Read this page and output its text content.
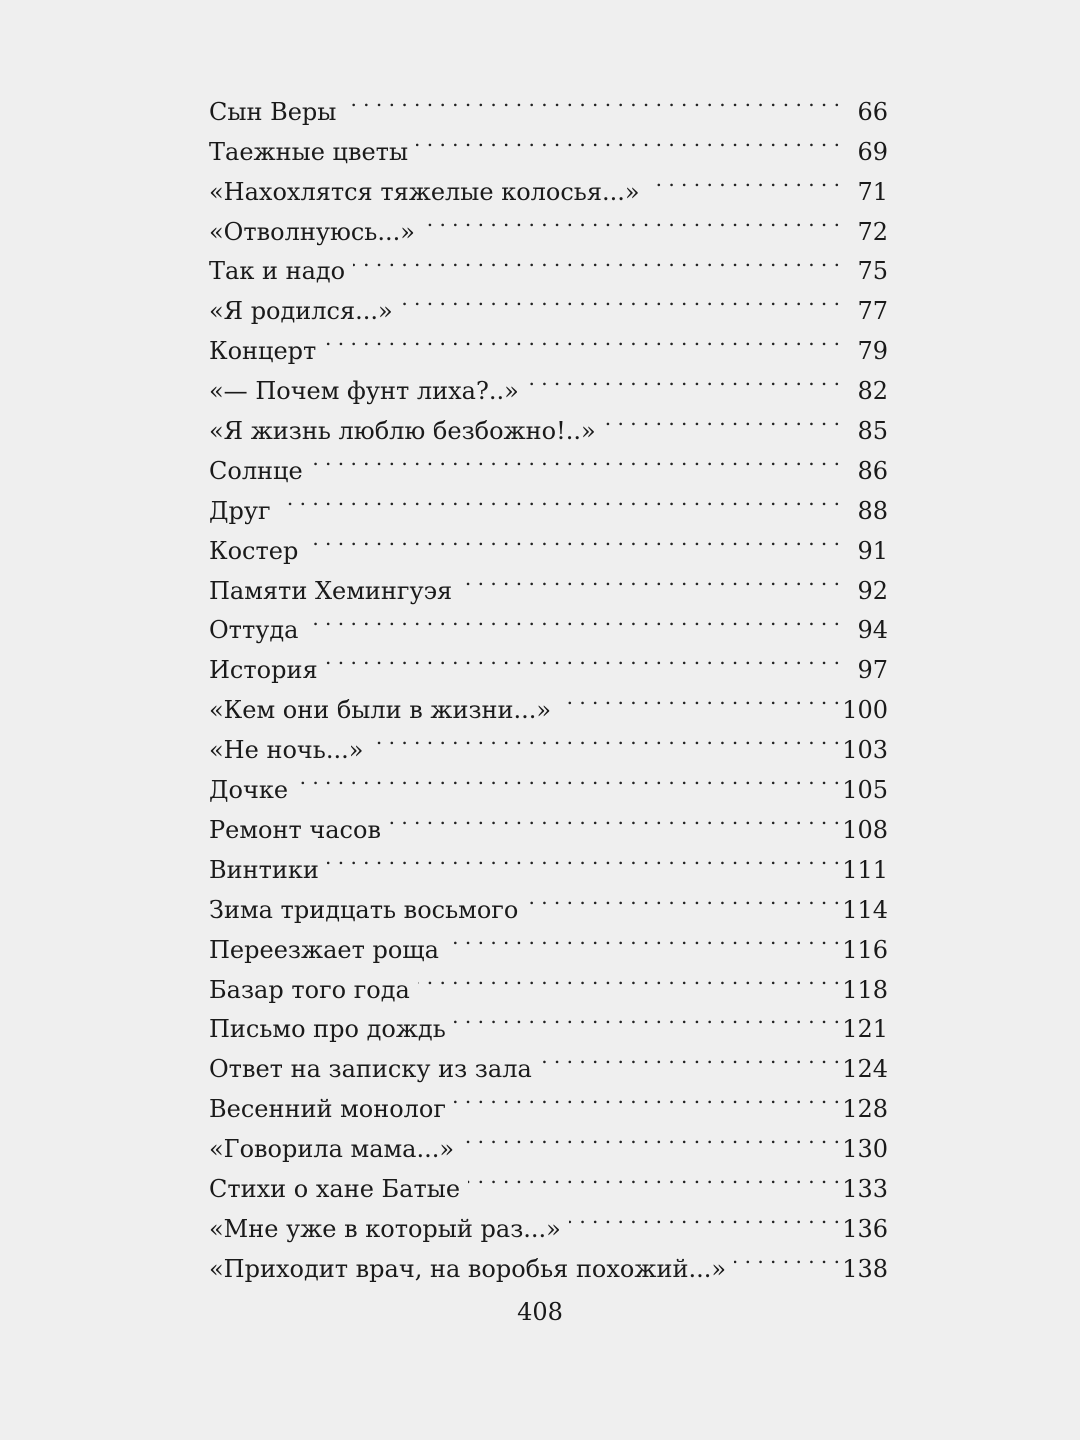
Сын Веры . . .	66
Таежные цветы . . .	69
«Нахохлятся тяжелые колосья...» . . .	71
«Отволнуюсь...» . . .	72
Так и надо . . .	75
«Я родился...» . . .	77
Концерт . . .	79
«— Почем фунт лиха?..» . . .	82
«Я жизнь люблю безбожно!..» . . .	85
Солнце . . .	86
Друг . . .	88
Костер . . .	91
Памяти Хемингуэя . . .	92
Оттуда . . .	94
История . . .	97
«Кем они были в жизни...» . . .	100
«Не ночь...» . . .	103
Дочке . . .	105
Ремонт часов . . .	108
Винтики . . .	111
Зима тридцать восьмого . . .	114
Переезжает роща . . .	116
Базар того года . . .	118
Письмо про дождь . . .	121
Ответ на записку из зала . . .	124
Весенний монолог . . .	128
«Говорила мама...» . . .	130
Стихи о хане Батые . . .	133
«Мне уже в который раз...» . . .	136
«Приходит врач, на воробья похожий...» . . .	138
408
